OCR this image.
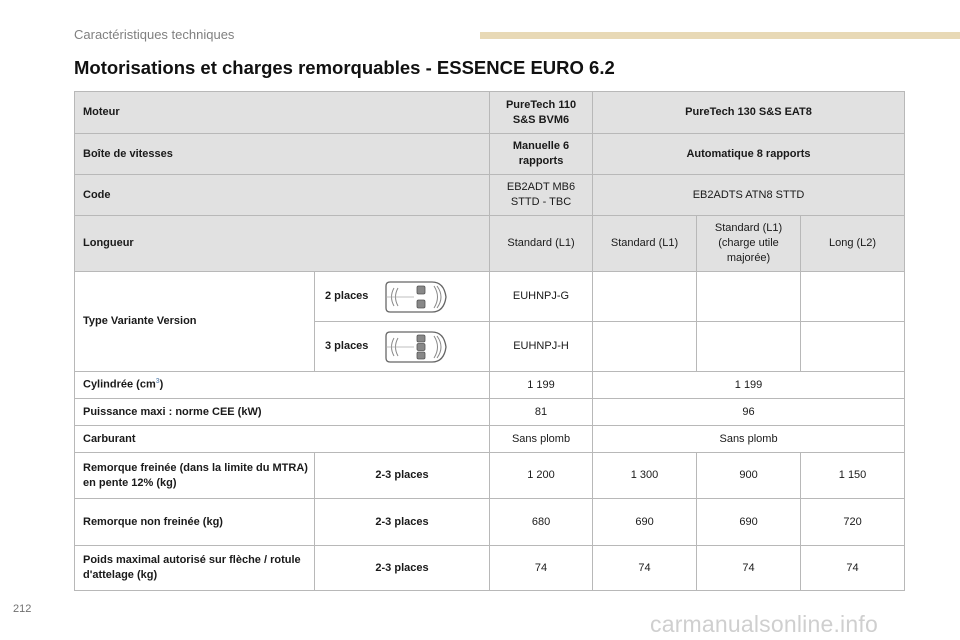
Caractéristiques techniques
Motorisations et charges remorquables - ESSENCE EURO 6.2
Moteur		PureTech 110 S&S BVM6	PureTech 130 S&S EAT8		
Boîte de vitesses		Manuelle 6 rapports	Automatique 8 rapports		
Code		EB2ADT MB6 STTD - TBC	EB2ADTS ATN8 STTD		
Longueur		Standard (L1)	Standard (L1)	Standard (L1) (charge utile majorée)	Long (L2)
Type Variante Version	2 places	EUHNPJ-G			

	3 places	EUHNPJ-H			
Cylindrée $(cm^3)$		1 199	1 199		
Puissance maxi : norme CEE (kW)		81	96		
Carburant		Sans plomb	Sans plomb		
Remorque freinée (dans la limite du MTRA) en pente 12% (kg)	2-3 places	1 200	1 300	900	1 150
Remorque non freinée (kg)	2-3 places	680	690	690	720
Poids maximal autorisé sur flèche / rotule d'attelage (kg)	2-3 places	74	74	74	74
212
carmanualsonline.info
